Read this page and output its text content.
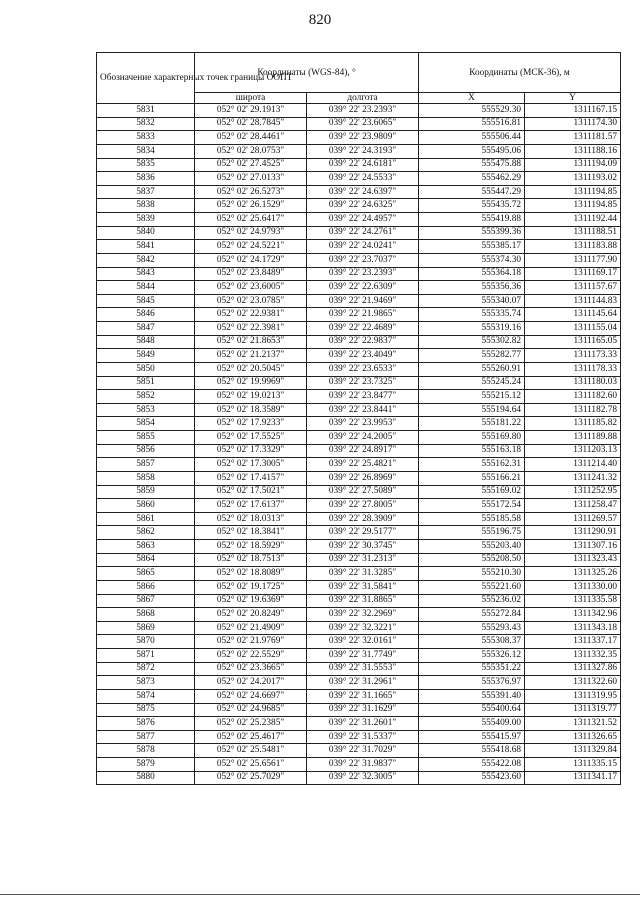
820
Обозначение характерных точек границы ООПТ	Координаты (WGS-84), °		Координаты (МСК-36), м	
	широта	долгота	X	Y
5831	052° 02' 29.1913"	039° 22' 23.2393"	555529.30	1311167.15
5832	052° 02' 28.7845"	039° 22' 23.6065"	555516.81	1311174.30
5833	052° 02' 28.4461"	039° 22' 23.9809"	555506.44	1311181.57
5834	052° 02' 28.0753"	039° 22' 24.3193"	555495.06	1311188.16
5835	052° 02' 27.4525"	039° 22' 24.6181"	555475.88	1311194.09
5836	052° 02' 27.0133"	039° 22' 24.5533"	555462.29	1311193.02
5837	052° 02' 26.5273"	039° 22' 24.6397"	555447.29	1311194.85
5838	052° 02' 26.1529"	039° 22' 24.6325"	555435.72	1311194.85
5839	052° 02' 25.6417"	039° 22' 24.4957"	555419.88	1311192.44
5840	052° 02' 24.9793"	039° 22' 24.2761"	555399.36	1311188.51
5841	052° 02' 24.5221"	039° 22' 24.0241"	555385.17	1311183.88
5842	052° 02' 24.1729"	039° 22' 23.7037"	555374.30	1311177.90
5843	052° 02' 23.8489"	039° 22' 23.2393"	555364.18	1311169.17
5844	052° 02' 23.6005"	039° 22' 22.6309"	555356.36	1311157.67
5845	052° 02' 23.0785"	039° 22' 21.9469"	555340.07	1311144.83
5846	052° 02' 22.9381"	039° 22' 21.9865"	555335.74	1311145.64
5847	052° 02' 22.3981"	039° 22' 22.4689"	555319.16	1311155.04
5848	052° 02' 21.8653"	039° 22' 22.9837"	555302.82	1311165.05
5849	052° 02' 21.2137"	039° 22' 23.4049"	555282.77	1311173.33
5850	052° 02' 20.5045"	039° 22' 23.6533"	555260.91	1311178.33
5851	052° 02' 19.9969"	039° 22' 23.7325"	555245.24	1311180.03
5852	052° 02' 19.0213"	039° 22' 23.8477"	555215.12	1311182.60
5853	052° 02' 18.3589"	039° 22' 23.8441"	555194.64	1311182.78
5854	052° 02' 17.9233"	039° 22' 23.9953"	555181.22	1311185.82
5855	052° 02' 17.5525"	039° 22' 24.2005"	555169.80	1311189.88
5856	052° 02' 17.3329"	039° 22' 24.8917"	555163.18	1311203.13
5857	052° 02' 17.3005"	039° 22' 25.4821"	555162.31	1311214.40
5858	052° 02' 17.4157"	039° 22' 26.8969"	555166.21	1311241.32
5859	052° 02' 17.5021"	039° 22' 27.5089"	555169.02	1311252.95
5860	052° 02' 17.6137"	039° 22' 27.8005"	555172.54	1311258.47
5861	052° 02' 18.0313"	039° 22' 28.3909"	555185.58	1311269.57
5862	052° 02' 18.3841"	039° 22' 29.5177"	555196.75	1311290.91
5863	052° 02' 18.5929"	039° 22' 30.3745"	555203.40	1311307.16
5864	052° 02' 18.7513"	039° 22' 31.2313"	555208.50	1311323.43
5865	052° 02' 18.8089"	039° 22' 31.3285"	555210.30	1311325.26
5866	052° 02' 19.1725"	039° 22' 31.5841"	555221.60	1311330.00
5867	052° 02' 19.6369"	039° 22' 31.8865"	555236.02	1311335.58
5868	052° 02' 20.8249"	039° 22' 32.2969"	555272.84	1311342.96
5869	052° 02' 21.4909"	039° 22' 32.3221"	555293.43	1311343.18
5870	052° 02' 21.9769"	039° 22' 32.0161"	555308.37	1311337.17
5871	052° 02' 22.5529"	039° 22' 31.7749"	555326.12	1311332.35
5872	052° 02' 23.3665"	039° 22' 31.5553"	555351.22	1311327.86
5873	052° 02' 24.2017"	039° 22' 31.2961"	555376.97	1311322.60
5874	052° 02' 24.6697"	039° 22' 31.1665"	555391.40	1311319.95
5875	052° 02' 24.9685"	039° 22' 31.1629"	555400.64	1311319.77
5876	052° 02' 25.2385"	039° 22' 31.2601"	555409.00	1311321.52
5877	052° 02' 25.4617"	039° 22' 31.5337"	555415.97	1311326.65
5878	052° 02' 25.5481"	039° 22' 31.7029"	555418.68	1311329.84
5879	052° 02' 25.6561"	039° 22' 31.9837"	555422.08	1311335.15
5880	052° 02' 25.7029"	039° 22' 32.3005"	555423.60	1311341.17
